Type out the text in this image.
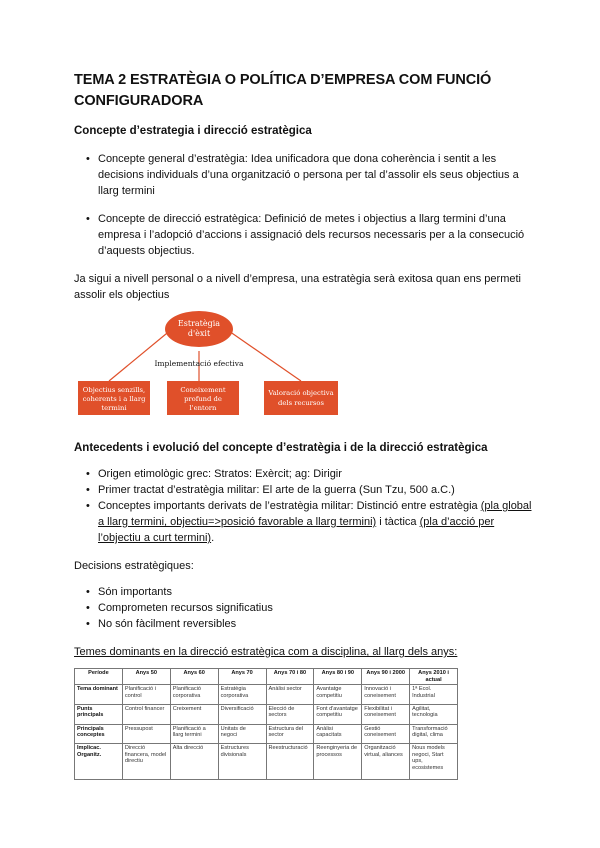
TEMA 2 ESTRATÈGIA O POLÍTICA D’EMPRESA COM FUNCIÓ CONFIGURADORA
Concepte d’estrategia i direcció estratègica
• Concepte general d’estratègia: Idea unificadora que dona coherència i sentit a les decisions individuals d’una organització o persona per tal d’assolir els seus objectius a llarg termini
• Concepte de direcció estratègica: Definició de metes i objectius a llarg termini d’una empresa i l’adopció d’accions i assignació dels recursos necessaris per a la consecució d’aquests objectius.

Ja sigui a nivell personal o a nivell d’empresa, una estratègia serà exitosa quan ens permeti assolir els objectius

Estratègia
d'èxit
Implementació efectiva
Objectius senzills,
coherents i a llarg
termini
Coneixement
profund de
l'entorn
Valoració objectiva
dels recursos
Antecedents i evolució del concepte d’estratègia i de la direcció estratègica
• Origen etimològic grec: Stratos: Exèrcit; ag: Dirigir
• Primer tractat d’estratègia militar: El arte de la guerra (Sun Tzu, 500 a.C.)
• Conceptes importants derivats de l’estratègia militar: Distinció entre estratègia (pla global a llarg termini, objectiu=>posició favorable a llarg termini) i tàctica (pla d’acció per l’objectiu a curt termini).

Decisions estratègiques:

• Són importants
• Comprometen recursos significatius
• No són fàcilment reversibles

Temes dominants en la direcció estratègica com a disciplina, al llarg dels anys:

Període	Anys 50	Anys 60	Anys 70	Anys 70 i 80	Anys 80 i 90	Anys 90 i 2000	Anys 2010 i actual
Tema dominant	Planificació i control	Planificació corporativa	Estratègia corporativa	Anàlisi sector	Avantatge competitiu	Innovació i coneixement	1ª Ecol. Industrial
Punts principals	Control financer	Creixement	Diversificació	Elecció de sectors	Font d'avantatge competitiu	Flexibilitat i coneixement	Agilitat, tecnologia
Principals conceptes	Pressupost	Planificació a llarg termini	Unitats de negoci	Estructura del sector	Anàlisi capacitats	Gestió coneixement	Transformació digital, clima
Implicac. Organitz.	Direcció financera, model directiu	Alta direcció	Estructures divisionals	Reestructuració	Reenginyeria de processos	Organització virtual, aliances	Nous models negoci, Start ups, ecosistemes
